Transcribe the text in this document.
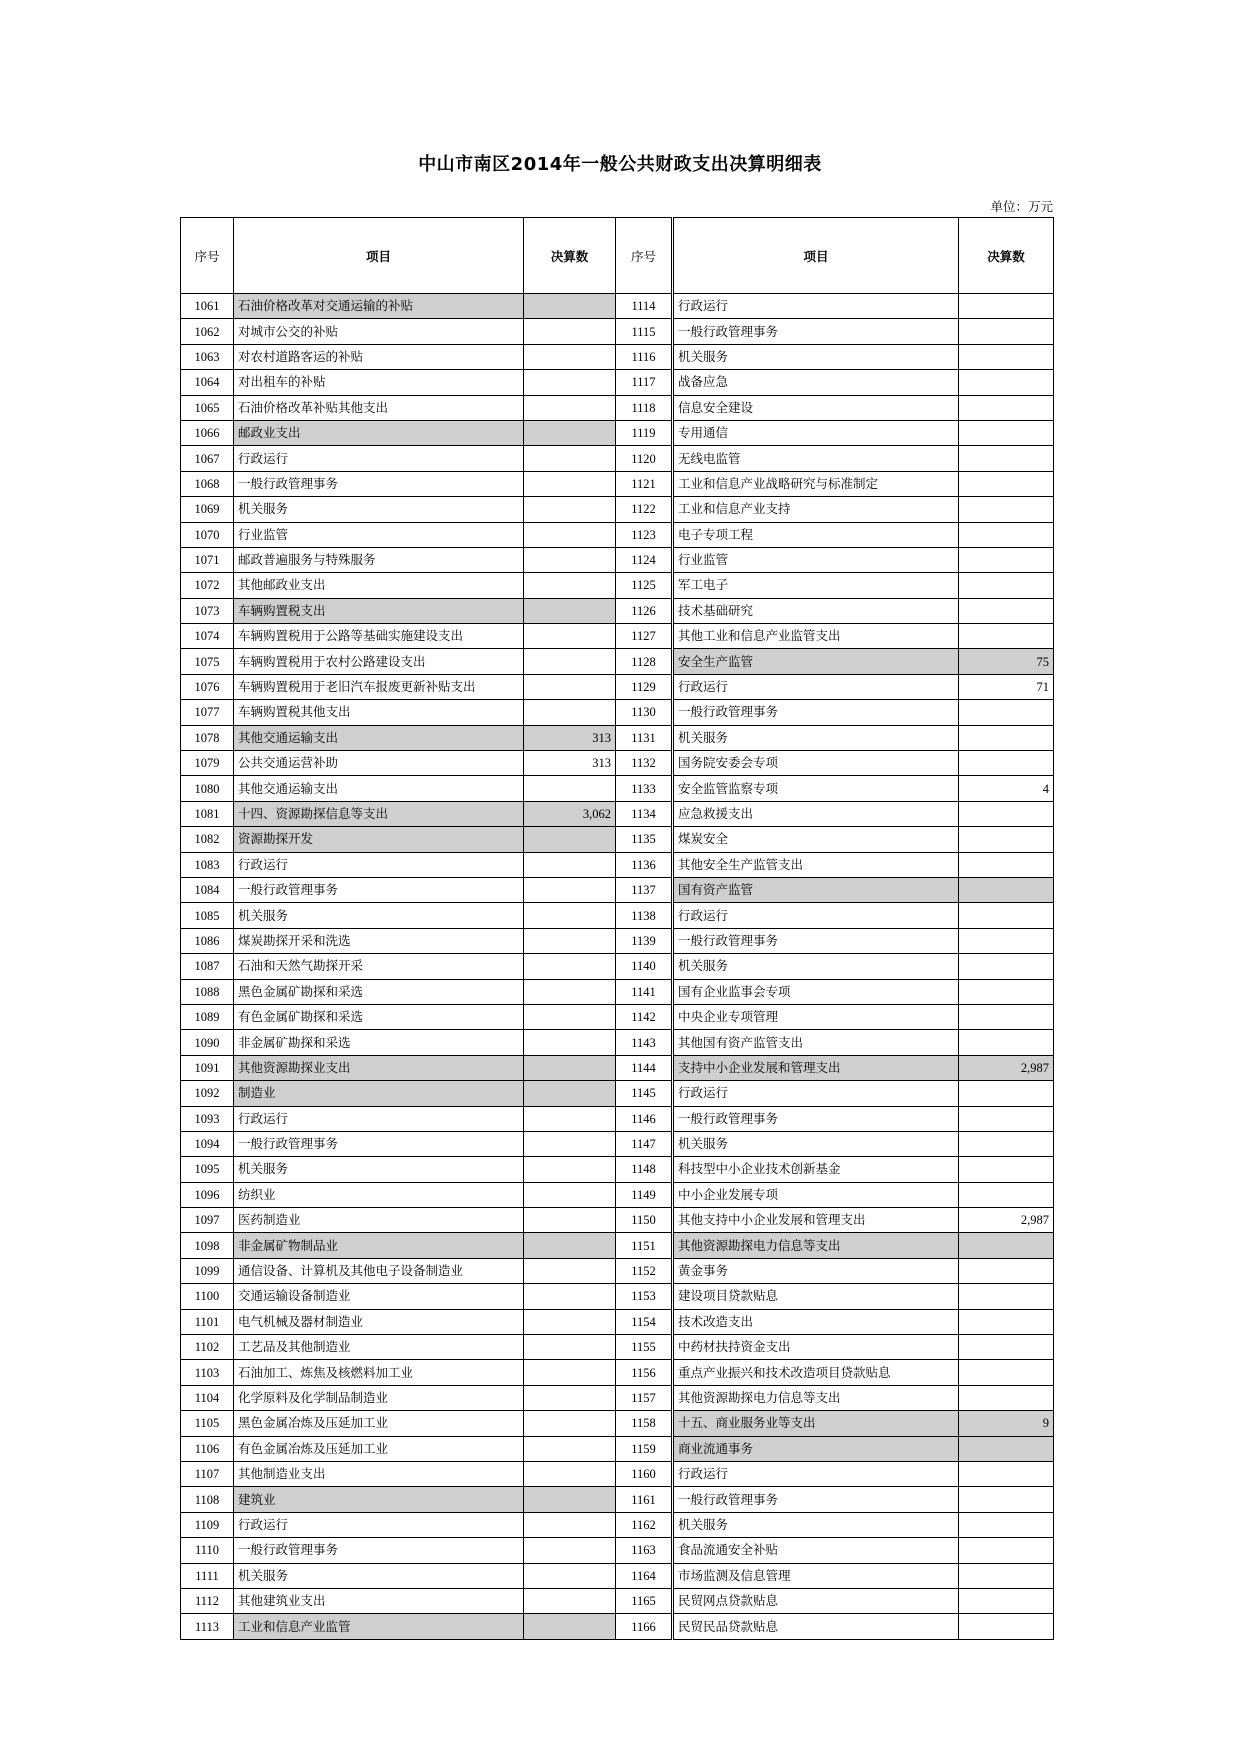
中山市南区2014年一般公共财政支出决算明细表
单位：万元
序号	项目	决算数	序号	项目	决算数
1061	石油价格改革对交通运输的补贴		1114	行政运行	
1062	对城市公交的补贴		1115	一般行政管理事务	
1063	对农村道路客运的补贴		1116	机关服务	
1064	对出租车的补贴		1117	战备应急	
1065	石油价格改革补贴其他支出		1118	信息安全建设	
1066	邮政业支出		1119	专用通信	
1067	行政运行		1120	无线电监管	
1068	一般行政管理事务		1121	工业和信息产业战略研究与标准制定	
1069	机关服务		1122	工业和信息产业支持	
1070	行业监管		1123	电子专项工程	
1071	邮政普遍服务与特殊服务		1124	行业监管	
1072	其他邮政业支出		1125	军工电子	
1073	车辆购置税支出		1126	技术基础研究	
1074	车辆购置税用于公路等基础实施建设支出		1127	其他工业和信息产业监管支出	
1075	车辆购置税用于农村公路建设支出		1128	安全生产监管	75
1076	车辆购置税用于老旧汽车报废更新补贴支出		1129	行政运行	71
1077	车辆购置税其他支出		1130	一般行政管理事务	
1078	其他交通运输支出	313	1131	机关服务	
1079	公共交通运营补助	313	1132	国务院安委会专项	
1080	其他交通运输支出		1133	安全监管监察专项	4
1081	十四、资源勘探信息等支出	3,062	1134	应急救援支出	
1082	资源勘探开发		1135	煤炭安全	
1083	行政运行		1136	其他安全生产监管支出	
1084	一般行政管理事务		1137	国有资产监管	
1085	机关服务		1138	行政运行	
1086	煤炭勘探开采和洗选		1139	一般行政管理事务	
1087	石油和天然气勘探开采		1140	机关服务	
1088	黑色金属矿勘探和采选		1141	国有企业监事会专项	
1089	有色金属矿勘探和采选		1142	中央企业专项管理	
1090	非金属矿勘探和采选		1143	其他国有资产监管支出	
1091	其他资源勘探业支出		1144	支持中小企业发展和管理支出	2,987
1092	制造业		1145	行政运行	
1093	行政运行		1146	一般行政管理事务	
1094	一般行政管理事务		1147	机关服务	
1095	机关服务		1148	科技型中小企业技术创新基金	
1096	纺织业		1149	中小企业发展专项	
1097	医药制造业		1150	其他支持中小企业发展和管理支出	2,987
1098	非金属矿物制品业		1151	其他资源勘探电力信息等支出	
1099	通信设备、计算机及其他电子设备制造业		1152	黄金事务	
1100	交通运输设备制造业		1153	建设项目贷款贴息	
1101	电气机械及器材制造业		1154	技术改造支出	
1102	工艺品及其他制造业		1155	中药材扶持资金支出	
1103	石油加工、炼焦及核燃料加工业		1156	重点产业振兴和技术改造项目贷款贴息	
1104	化学原料及化学制品制造业		1157	其他资源勘探电力信息等支出	
1105	黑色金属冶炼及压延加工业		1158	十五、商业服务业等支出	9
1106	有色金属冶炼及压延加工业		1159	商业流通事务	
1107	其他制造业支出		1160	行政运行	
1108	建筑业		1161	一般行政管理事务	
1109	行政运行		1162	机关服务	
1110	一般行政管理事务		1163	食品流通安全补贴	
1111	机关服务		1164	市场监测及信息管理	
1112	其他建筑业支出		1165	民贸网点贷款贴息	
1113	工业和信息产业监管		1166	民贸民品贷款贴息	
